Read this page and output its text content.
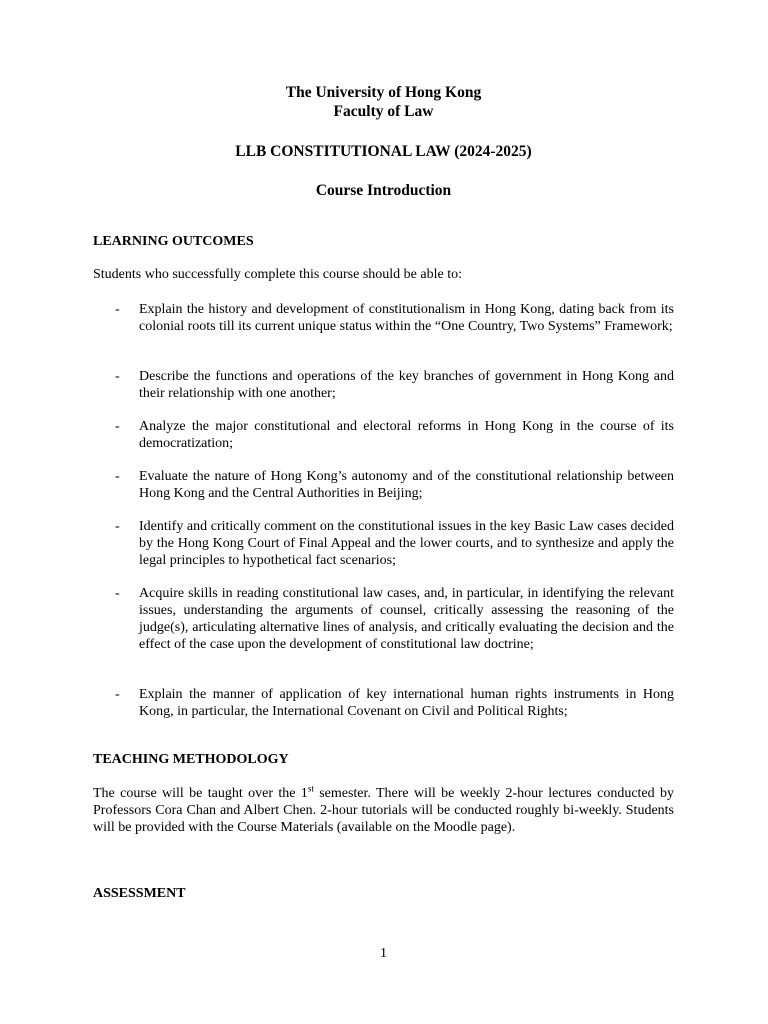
The University of Hong Kong
Faculty of Law
LLB CONSTITUTIONAL LAW (2024-2025)
Course Introduction
LEARNING OUTCOMES
Students who successfully complete this course should be able to:
- Explain the history and development of constitutionalism in Hong Kong, dating back from its colonial roots till its current unique status within the “One Country, Two Systems” Framework;
- Describe the functions and operations of the key branches of government in Hong Kong and their relationship with one another;
- Analyze the major constitutional and electoral reforms in Hong Kong in the course of its democratization;
- Evaluate the nature of Hong Kong’s autonomy and of the constitutional relationship between Hong Kong and the Central Authorities in Beijing;
- Identify and critically comment on the constitutional issues in the key Basic Law cases decided by the Hong Kong Court of Final Appeal and the lower courts, and to synthesize and apply the legal principles to hypothetical fact scenarios;
- Acquire skills in reading constitutional law cases, and, in particular, in identifying the relevant issues, understanding the arguments of counsel, critically assessing the reasoning of the judge(s), articulating alternative lines of analysis, and critically evaluating the decision and the effect of the case upon the development of constitutional law doctrine;
- Explain the manner of application of key international human rights instruments in Hong Kong, in particular, the International Covenant on Civil and Political Rights;
TEACHING METHODOLOGY
The course will be taught over the 1st semester. There will be weekly 2-hour lectures conducted by Professors Cora Chan and Albert Chen. 2-hour tutorials will be conducted roughly bi-weekly. Students will be provided with the Course Materials (available on the Moodle page).
ASSESSMENT
1
